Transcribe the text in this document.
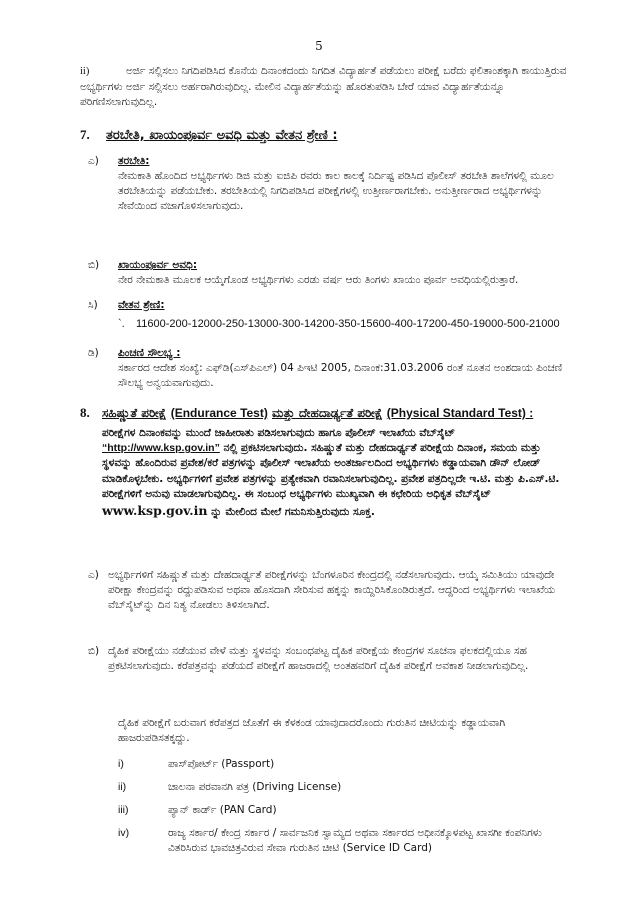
5

ii)	ಅರ್ಜಿ ಸಲ್ಲಿಸಲು ನಿಗದಿಪಡಿಸಿದ ಕೊನೆಯ ದಿನಾಂಕದಂದು ನಿಗದಿತ ವಿದ್ಯಾರ್ಹತೆ ಪಡೆಯಲು ಪರೀಕ್ಷೆ ಬರೆದು ಫಲಿತಾಂಶಕ್ಕಾಗಿ ಕಾಯುತ್ತಿರುವ ಅಭ್ಯರ್ಥಿಗಳು ಅರ್ಜಿ ಸಲ್ಲಿಸಲು ಅರ್ಹರಾಗಿರುವುದಿಲ್ಲ. ಮೇಲಿನ ವಿದ್ಯಾರ್ಹತೆಯನ್ನು ಹೊರತುಪಡಿಸಿ ಬೇರೆ ಯಾವ ವಿದ್ಯಾರ್ಹತೆಯನ್ನೂ ಪರಿಗಣಿಸಲಾಗುವುದಿಲ್ಲ.

7. ತರಬೇತಿ, ಖಾಯಂಪೂರ್ವ ಅವಧಿ ಮತ್ತು ವೇತನ ಶ್ರೇಣಿ :
ಎ) ತರಬೇತಿ:

ನೇಮಕಾತಿ ಹೊಂದಿದ ಅಭ್ಯರ್ಥಿಗಳು ಡಿಜಿ ಮತ್ತು ಐಜಿಪಿ ರವರು ಕಾಲ ಕಾಲಕ್ಕೆ ನಿರ್ದಿಷ್ಟ ಪಡಿಸಿದ ಪೊಲೀಸ್ ತರಬೇತಿ ಶಾಲೆಗಳಲ್ಲಿ ಮೂಲ ತರಬೇತಿಯನ್ನು ಪಡೆಯಬೇಕು. ತರಬೇತಿಯಲ್ಲಿ ನಿಗದಿಪಡಿಸಿದ ಪರೀಕ್ಷೆಗಳಲ್ಲಿ ಉತ್ತೀರ್ಣರಾಗಬೇಕು. ಅನುತ್ತೀರ್ಣರಾದ ಅಭ್ಯರ್ಥಿಗಳನ್ನು ಸೇವೆಯಿಂದ ವಜಾಗೊಳಿಸಲಾಗುವುದು.

ಬಿ) ಖಾಯಂಪೂರ್ವ ಅವಧಿ:

ನೇರ ನೇಮಕಾತಿ ಮೂಲಕ ಆಯ್ಕೆಗೊಂಡ ಅಭ್ಯರ್ಥಿಗಳು ಎರಡು ವರ್ಷ ಆರು ತಿಂಗಳು ಖಾಯಂ ಪೂರ್ವ ಅವಧಿಯಲ್ಲಿರುತ್ತಾರೆ.

ಸಿ) ವೇತನ ಶ್ರೇಣಿ:

`. 11600-200-12000-250-13000-300-14200-350-15600-400-17200-450-19000-500-21000

ಡಿ) ಪಿಂಚಣಿ ಸೌಲಭ್ಯ :

ಸರ್ಕಾರದ ಆದೇಶ ಸಂಖ್ಯೆ: ಎಫ್‌ಡಿ(ಎಸ್‌ಪಿಎಲ್) 04 ಪಿಇಟಿ 2005, ದಿನಾಂಕ:31.03.2006 ರಂತೆ ನೂತನ ಅಂಶದಾಯ ಪಿಂಚಣಿ ಸೌಲಭ್ಯ ಅನ್ವಯವಾಗುವುದು.

8. ಸಹಿಷ್ಣುತೆ ಪರೀಕ್ಷೆ (Endurance Test) ಮತ್ತು ದೇಹದಾರ್ಢ್ಯತೆ ಪರೀಕ್ಷೆ (Physical Standard Test) :

ಪರೀಕ್ಷೆಗಳ ದಿನಾಂಕವನ್ನು ಮುಂದೆ ಜಾಹೀರಾತು ಪಡಿಸಲಾಗುವುದು ಹಾಗೂ ಪೊಲೀಸ್ ಇಲಾಖೆಯ ವೆಬ್‌ಸೈಟ್ “http://www.ksp.gov.in” ನಲ್ಲಿ ಪ್ರಕಟಿಸಲಾಗುವುದು. ಸಹಿಷ್ಣುತೆ ಮತ್ತು ದೇಹದಾರ್ಢ್ಯತೆ ಪರೀಕ್ಷೆಯ ದಿನಾಂಕ, ಸಮಯ ಮತ್ತು ಸ್ಥಳವನ್ನು ಹೊಂದಿರುವ ಪ್ರವೇಶ/ಕರೆ ಪತ್ರಗಳನ್ನು ಪೊಲೀಸ್ ಇಲಾಖೆಯ ಅಂತರ್ಜಾಲದಿಂದ ಅಭ್ಯರ್ಥಿಗಳು ಕಡ್ಡಾಯವಾಗಿ ಡೌನ್ ಲೋಡ್ ಮಾಡಿಕೊಳ್ಳಬೇಕು. ಅಭ್ಯರ್ಥಿಗಳಿಗೆ ಪ್ರವೇಶ ಪತ್ರಗಳನ್ನು ಪ್ರತ್ಯೇಕವಾಗಿ ರವಾನಿಸಲಾಗುವುದಿಲ್ಲ. ಪ್ರವೇಶ ಪತ್ರದಿಲ್ಲದೇ ಇ.ಟಿ. ಮತ್ತು ಪಿ.ಎಸ್.ಟಿ. ಪರೀಕ್ಷೆಗಳಿಗೆ ಅನುವು ಮಾಡಲಾಗುವುದಿಲ್ಲ. ಈ ಸಂಬಂಧ ಅಭ್ಯರ್ಥಿಗಳು ಮುಖ್ಯವಾಗಿ ಈ ಕಛೇರಿಯ ಅಧಿಕೃತ ವೆಬ್‌ಸೈಟ್ www.ksp.gov.in ನ್ನು ಮೇಲಿಂದ ಮೇಲೆ ಗಮನಿಸುತ್ತಿರುವುದು ಸೂಕ್ತ.

ಎ) ಅಭ್ಯರ್ಥಿಗಳಿಗೆ ಸಹಿಷ್ಣುತೆ ಮತ್ತು ದೇಹದಾರ್ಢ್ಯತೆ ಪರೀಕ್ಷೆಗಳನ್ನು ಬೆಂಗಳೂರಿನ ಕೇಂದ್ರದಲ್ಲಿ ನಡೆಸಲಾಗುವುದು. ಆಯ್ಕೆ ಸಮಿತಿಯು ಯಾವುದೇ ಪರೀಕ್ಷಾ ಕೇಂದ್ರವನ್ನು ರದ್ದುಪಡಿಸುವ ಅಥವಾ ಹೊಸದಾಗಿ ಸೇರಿಸುವ ಹಕ್ಕನ್ನು ಕಾಯ್ದಿರಿಸಿಕೊಂಡಿರುತ್ತದೆ. ಆದ್ದರಿಂದ ಅಭ್ಯರ್ಥಿಗಳು ಇಲಾಖೆಯ ವೆಬ್‌ಸೈಟ್‌ನ್ನು ದಿನ ನಿತ್ಯ ನೋಡಲು ತಿಳಿಸಲಾಗಿದೆ.

ಬಿ) ದೈಹಿಕ ಪರೀಕ್ಷೆಯು ನಡೆಯುವ ವೇಳೆ ಮತ್ತು ಸ್ಥಳವನ್ನು ಸಂಬಂಧಪಟ್ಟ ದೈಹಿಕ ಪರೀಕ್ಷೆಯ ಕೇಂದ್ರಗಳ ಸೂಚನಾ ಫಲಕದಲ್ಲಿಯೂ ಸಹ ಪ್ರಕಟಿಸಲಾಗುವುದು. ಕರೆಪತ್ರವನ್ನು ಪಡೆಯದೆ ಪರೀಕ್ಷೆಗೆ ಹಾಜರಾದಲ್ಲಿ ಅಂತಹವರಿಗೆ ದೈಹಿಕ ಪರೀಕ್ಷೆಗೆ ಅವಕಾಶ ನೀಡಲಾಗುವುದಿಲ್ಲ.

ದೈಹಿಕ ಪರೀಕ್ಷೆಗೆ ಬರುವಾಗ ಕರೆಪತ್ರದ ಜೊತೆಗೆ ಈ ಕೆಳಕಂಡ ಯಾವುದಾದರೊಂದು ಗುರುತಿನ ಚೀಟಿಯನ್ನು ಕಡ್ಡಾಯವಾಗಿ ಹಾಜರುಪಡಿಸತಕ್ಕದ್ದು.

i)	ಪಾಸ್‌ಪೋರ್ಟ್ (Passport)

ii)	ಚಾಲನಾ ಪರವಾನಗಿ ಪತ್ರ (Driving License)

iii)	ಪ್ಯಾನ್ ಕಾರ್ಡ್ (PAN Card)

iv)	ರಾಜ್ಯ ಸರ್ಕಾರ/ ಕೇಂದ್ರ ಸರ್ಕಾರ / ಸಾರ್ವಜನಿಕ ಸ್ವಾಮ್ಯದ ಅಥವಾ ಸರ್ಕಾರದ ಅಧೀನಕ್ಕೊಳಪಟ್ಟ ಖಾಸಗೀ ಕಂಪನಿಗಳು ವಿತರಿಸಿರುವ ಭಾವಚಿತ್ರವಿರುವ ಸೇವಾ ಗುರುತಿನ ಚೀಟಿ (Service ID Card)
